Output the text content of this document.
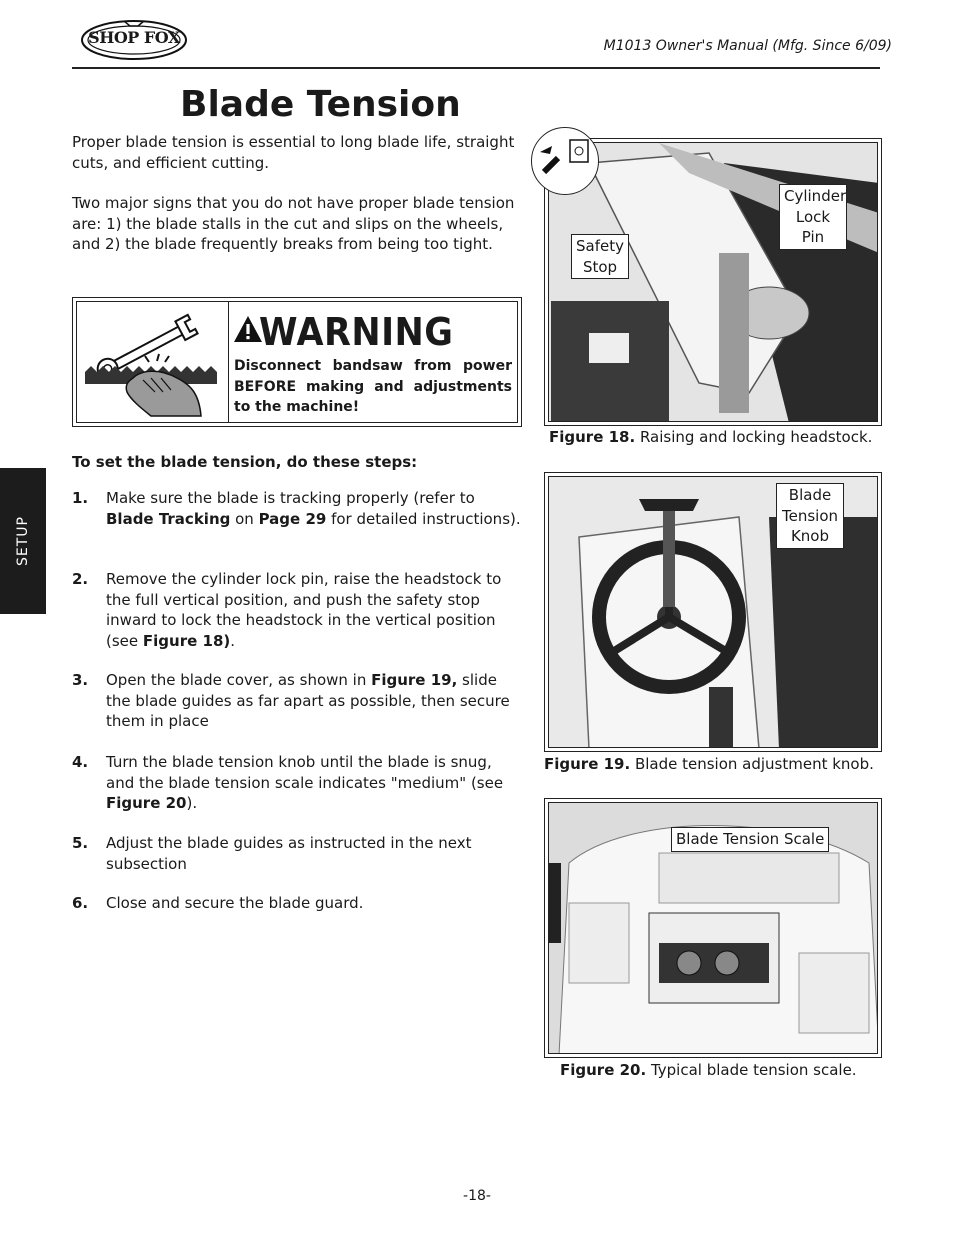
SHOP FOX	M1013 Owner's Manual (Mfg. Since 6/09)
Blade Tension
Proper blade tension is essential to long blade life, straight cuts, and efficient cutting.
Two major signs that you do not have proper blade tension are: 1) the blade stalls in the cut and slips on the wheels, and 2) the blade frequently breaks from being too tight.
SETUP
WARNING
Disconnect bandsaw from power BEFORE making and adjustments to the machine!
To set the blade tension, do these steps:
1. Make sure the blade is tracking properly (refer to Blade Tracking on Page 29 for detailed instructions).
2. Remove the cylinder lock pin, raise the headstock to the full vertical position, and push the safety stop inward to lock the headstock in the vertical position (see Figure 18).
3. Open the blade cover, as shown in Figure 19, slide the blade guides as far apart as possible, then secure them in place
4. Turn the blade tension knob until the blade is snug, and the blade tension scale indicates "medium" (see Figure 20).
5. Adjust the blade guides as instructed in the next subsection
6. Close and secure the blade guard.
Cylinder
Lock Pin
Safety
Stop
Figure 18. Raising and locking headstock.
Blade
Tension
Knob
Figure 19. Blade tension adjustment knob.
Blade Tension Scale
Figure 20. Typical blade tension scale.
-18-
